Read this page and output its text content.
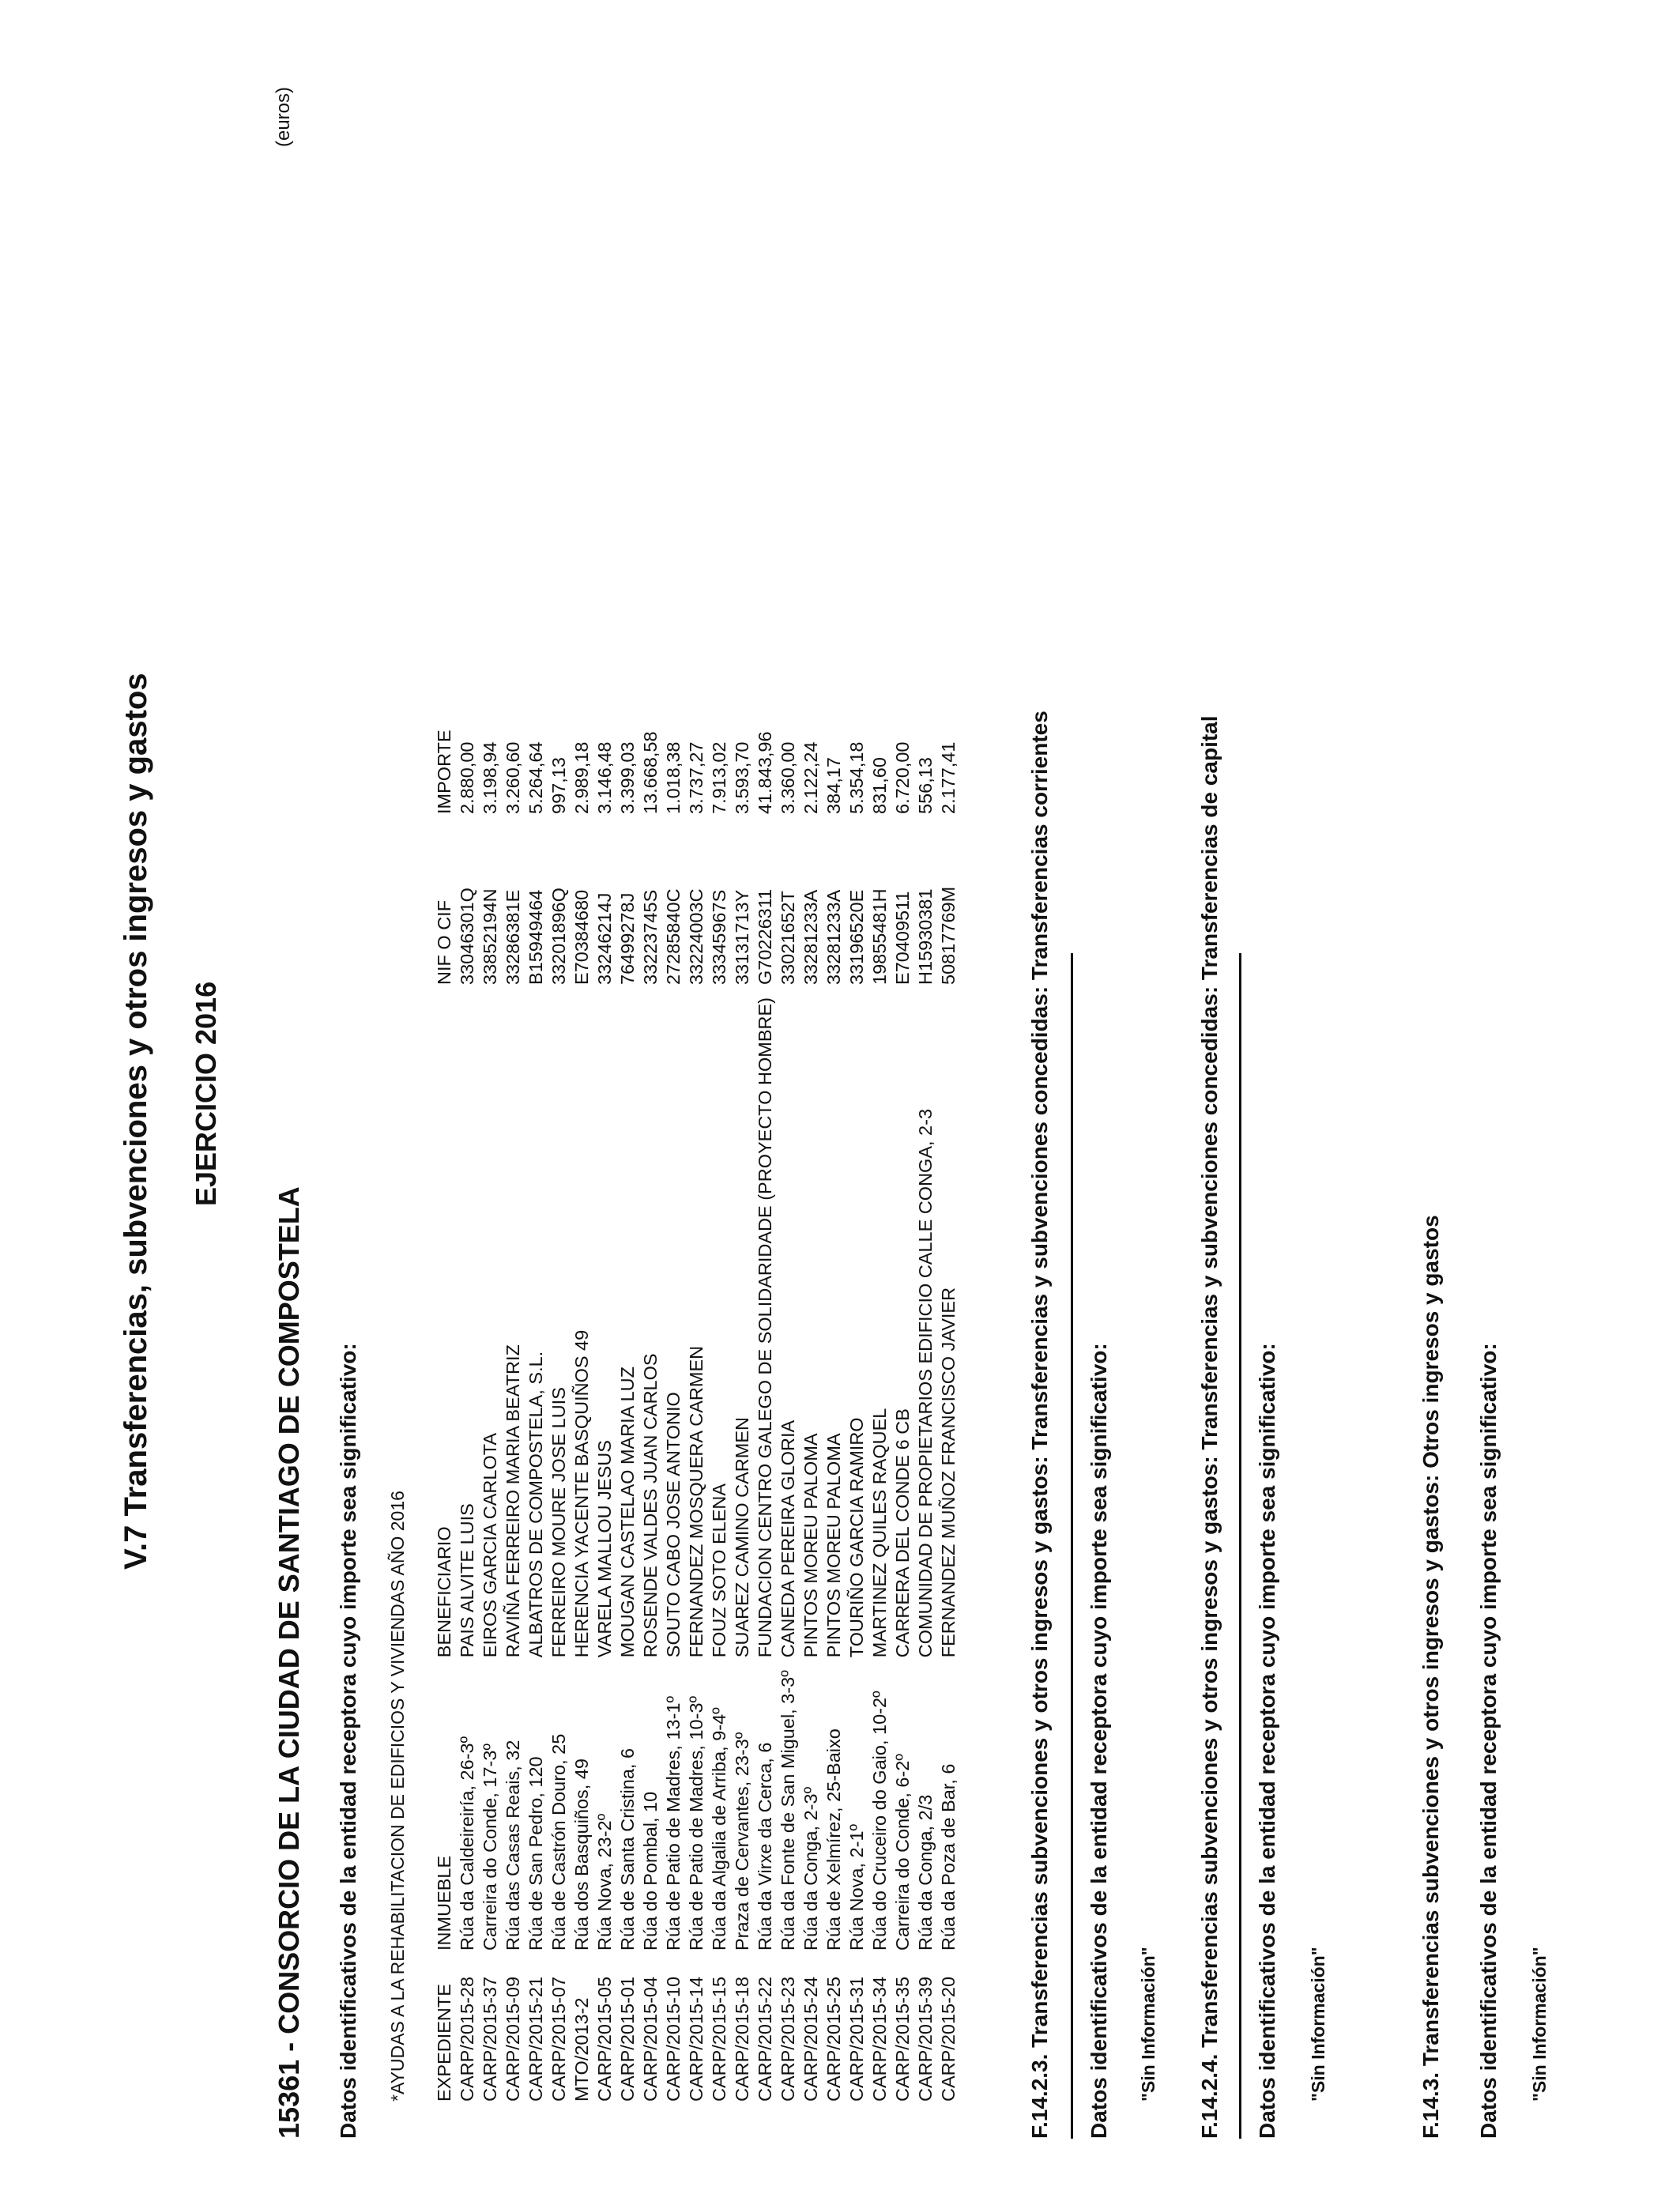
V.7 Transferencias, subvenciones y otros ingresos y gastos EJERCICIO 2016
(euros)
15361 - CONSORCIO DE LA CIUDAD DE SANTIAGO DE COMPOSTELA Datos identificativos de la entidad receptora cuyo importe sea significativo: *AYUDAS A LA REHABILITACION DE EDIFICIOS Y VIVIENDAS AÑO 2016 EXPEDIENTE	INMUEBLE	BENEFICIARIO	NIF O CIF	IMPORTE
CARP/2015-28	Rúa da Caldeireiría, 26-3º	PAIS ALVITE LUIS	33046301Q	2.880,00
CARP/2015-37	Carreira do Conde, 17-3º	EIROS GARCIA CARLOTA	33852194N	3.198,94
CARP/2015-09	Rúa das Casas Reais, 32	RAVIÑA FERREIRO MARIA BEATRIZ	33286381E	3.260,60
CARP/2015-21	Rúa de San Pedro, 120	ALBATROS DE COMPOSTELA, S.L.	B15949464	5.264,64
CARP/2015-07	Rúa de Castrón Douro, 25	FERREIRO MOURE JOSE LUIS	33201896Q	997,13
MTO/2013-2	Rúa dos Basquiños, 49	HERENCIA YACENTE BASQUIÑOS 49	E70384680	2.989,18
CARP/2015-05	Rúa Nova, 23-2º	VARELA MALLOU JESUS	33246214J	3.146,48
CARP/2015-01	Rúa de Santa Cristina, 6	MOUGAN CASTELAO MARIA LUZ	76499278J	3.399,03
CARP/2015-04	Rúa do Pombal, 10	ROSENDE VALDES JUAN CARLOS	33223745S	13.668,58
CARP/2015-10	Rúa de Patio de Madres, 13-1º	SOUTO CABO JOSE ANTONIO	27285840C	1.018,38
CARP/2015-14	Rúa de Patio de Madres, 10-3º	FERNANDEZ MOSQUERA CARMEN	33224003C	3.737,27
CARP/2015-15	Rúa da Algalia de Arriba, 9-4º	FOUZ SOTO ELENA	33345967S	7.913,02
CARP/2015-18	Praza de Cervantes, 23-3º	SUAREZ CAMINO CARMEN	33131713Y	3.593,70
CARP/2015-22	Rúa da Virxe da Cerca, 6	FUNDACION CENTRO GALEGO DE SOLIDARIDADE (PROYECTO HOMBRE)	G70226311	41.843,96
CARP/2015-23	Rúa da Fonte de San Miguel, 3-3º	CANEDA PEREIRA GLORIA	33021652T	3.360,00
CARP/2015-24	Rúa da Conga, 2-3º	PINTOS MOREU PALOMA	33281233A	2.122,24
CARP/2015-25	Rúa de Xelmírez, 25-Baixo	PINTOS MOREU PALOMA	33281233A	384,17
CARP/2015-31	Rúa Nova, 2-1º	TOURIÑO GARCIA RAMIRO	33196520E	5.354,18
CARP/2015-34	Rúa do Cruceiro do Gaio, 10-2º	MARTINEZ QUILES RAQUEL	19855481H	831,60
CARP/2015-35	Carreira do Conde, 6-2º	CARRERA DEL CONDE 6 CB	E70409511	6.720,00
CARP/2015-39	Rúa da Conga, 2/3	COMUNIDAD DE PROPIETARIOS EDIFICIO CALLE CONGA, 2-3	H15930381	556,13
CARP/2015-20	Rúa da Poza de Bar, 6	FERNANDEZ MUÑOZ FRANCISCO JAVIER	50817769M	2.177,41	F.14.2.3. Transferencias subvenciones y otros ingresos y gastos: Transferencias y subvenciones concedidas: Transferencias corrientes Datos identificativos de la entidad receptora cuyo importe sea significativo: "Sin Información" F.14.2.4. Transferencias subvenciones y otros ingresos y gastos: Transferencias y subvenciones concedidas: Transferencias de capital Datos identificativos de la entidad receptora cuyo importe sea significativo: "Sin Información"	F.14.3. Transferencias subvenciones y otros ingresos y gastos: Otros ingresos y gastos Datos identificativos de la entidad receptora cuyo importe sea significativo: "Sin Información"
